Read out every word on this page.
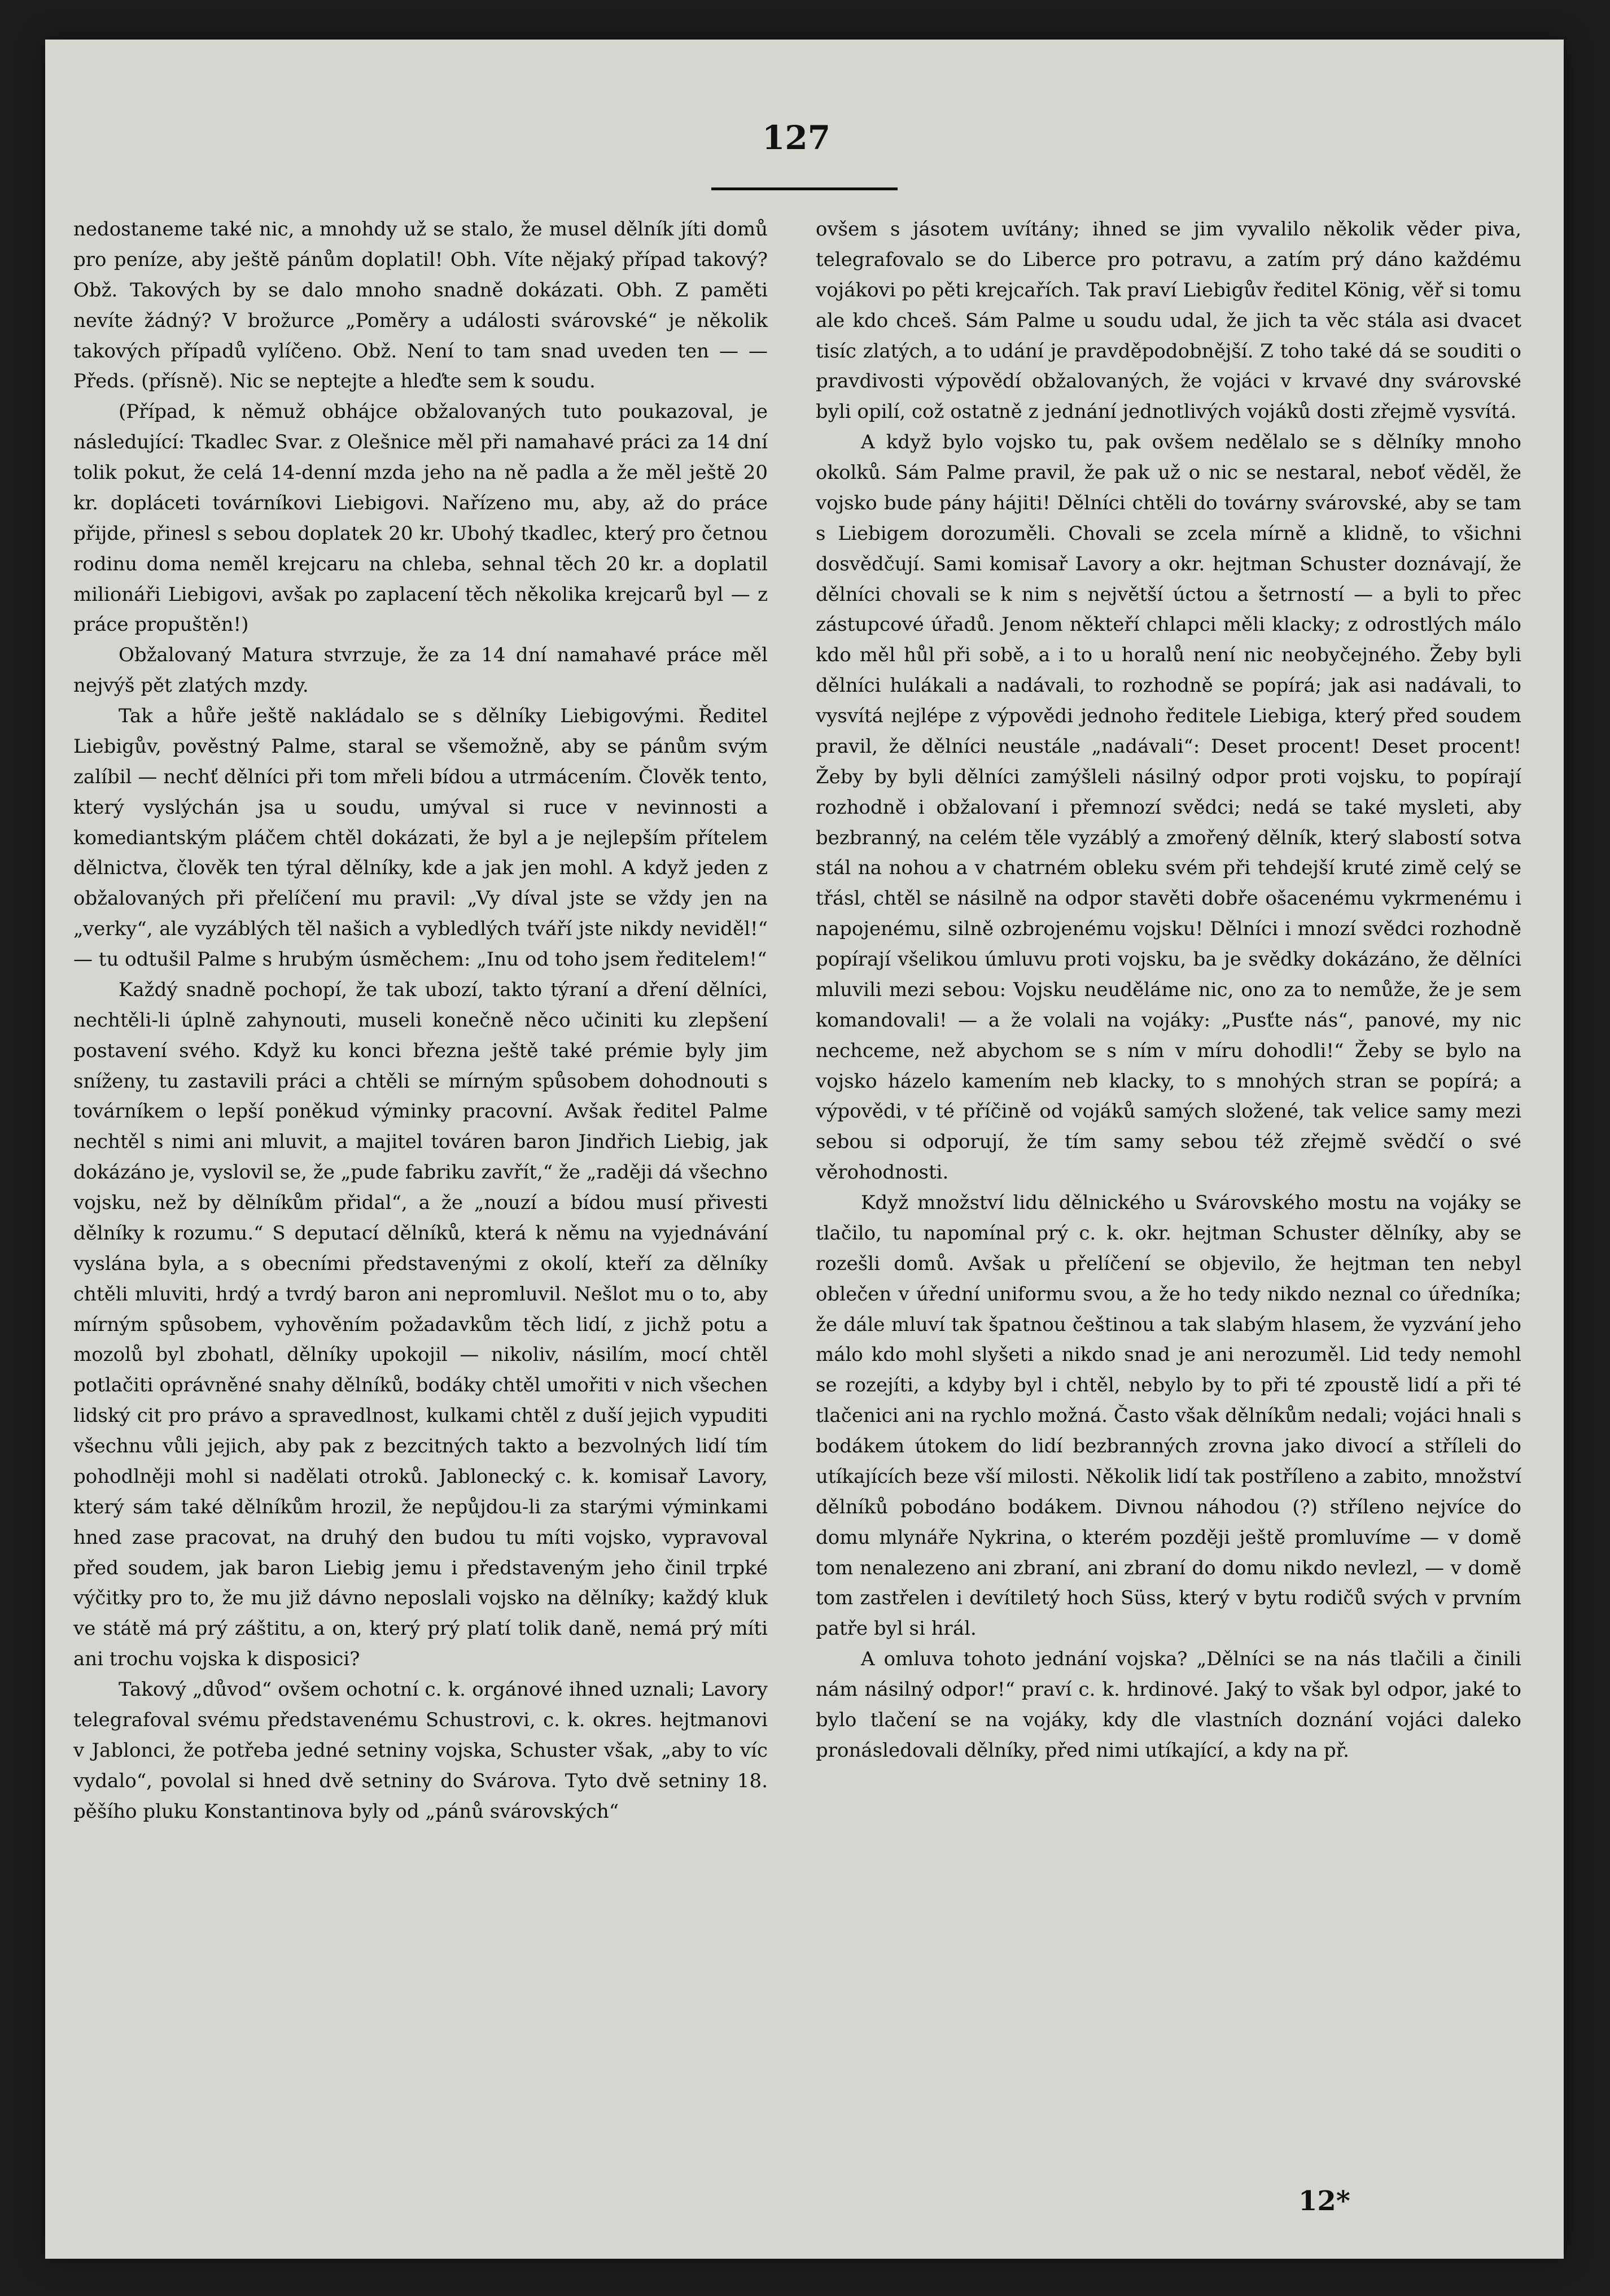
127

nedostaneme také nic, a mnohdy už se stalo, že musel dělník jíti domů pro peníze, aby ještě pánům doplatil! Obh. Víte nějaký případ takový? Obž. Takových by se dalo mnoho snadně dokázati. Obh. Z paměti nevíte žádný? V brožurce „Poměry a události svárovské“ je několik takových případů vylíčeno. Obž. Není to tam snad uveden ten — — Předs. (přísně). Nic se neptejte a hleďte sem k soudu.

(Případ, k němuž obhájce obžalovaných tuto poukazoval, je následující: Tkadlec Svar. z Olešnice měl při namahavé práci za 14 dní tolik pokut, že celá 14-denní mzda jeho na ně padla a že měl ještě 20 kr. dopláceti továrníkovi Liebigovi. Nařízeno mu, aby, až do práce přijde, přinesl s sebou doplatek 20 kr. Ubohý tkadlec, který pro četnou rodinu doma neměl krejcaru na chleba, sehnal těch 20 kr. a doplatil milionáři Liebigovi, avšak po zaplacení těch několika krejcarů byl — z práce propuštěn!)

Obžalovaný Matura stvrzuje, že za 14 dní namahavé práce měl nejvýš pět zlatých mzdy.

Tak a hůře ještě nakládalo se s dělníky Liebigovými. Ředitel Liebigův, pověstný Palme, staral se všemožně, aby se pánům svým zalíbil — nechť dělníci při tom mřeli bídou a utrmácením. Člověk tento, který vyslýchán jsa u soudu, umýval si ruce v nevinnosti a komediantským pláčem chtěl dokázati, že byl a je nejlepším přítelem dělnictva, člověk ten týral dělníky, kde a jak jen mohl. A když jeden z obžalovaných při přelíčení mu pravil: „Vy díval jste se vždy jen na „verky“, ale vyzáblých těl našich a vybledlých tváří jste nikdy neviděl!“ — tu odtušil Palme s hrubým úsměchem: „Inu od toho jsem ředitelem!“

Každý snadně pochopí, že tak ubozí, takto týraní a dření dělníci, nechtěli-li úplně zahynouti, museli konečně něco učiniti ku zlepšení postavení svého. Když ku konci března ještě také prémie byly jim sníženy, tu zastavili práci a chtěli se mírným spůsobem dohodnouti s továrníkem o lepší poněkud výminky pracovní. Avšak ředitel Palme nechtěl s nimi ani mluvit, a majitel továren baron Jindřich Liebig, jak dokázáno je, vyslovil se, že „pude fabriku zavřít,“ že „raději dá všechno vojsku, než by dělníkům přidal“, a že „nouzí a bídou musí přivesti dělníky k rozumu.“ S deputací dělníků, která k němu na vyjednávání vyslána byla, a s obecními představenými z okolí, kteří za dělníky chtěli mluviti, hrdý a tvrdý baron ani nepromluvil. Nešlot mu o to, aby mírným spůsobem, vyhověním požadavkům těch lidí, z jichž potu a mozolů byl zbohatl, dělníky upokojil — nikoliv, násilím, mocí chtěl potlačiti oprávněné snahy dělníků, bodáky chtěl umořiti v nich všechen lidský cit pro právo a spravedlnost, kulkami chtěl z duší jejich vypuditi všechnu vůli jejich, aby pak z bezcitných takto a bezvolných lidí tím pohodlněji mohl si nadělati otroků. Jablonecký c. k. komisař Lavory, který sám také dělníkům hrozil, že nepůjdou-li za starými výminkami hned zase pracovat, na druhý den budou tu míti vojsko, vypravoval před soudem, jak baron Liebig jemu i představeným jeho činil trpké výčitky pro to, že mu již dávno neposlali vojsko na dělníky; každý kluk ve státě má prý záštitu, a on, který prý platí tolik daně, nemá prý míti ani trochu vojska k disposici?

Takový „důvod“ ovšem ochotní c. k. orgánové ihned uznali; Lavory telegrafoval svému představenému Schustrovi, c. k. okres. hejtmanovi v Jablonci, že potřeba jedné setniny vojska, Schuster však, „aby to víc vydalo“, povolal si hned dvě setniny do Svárova. Tyto dvě setniny 18. pěšího pluku Konstantinova byly od „pánů svárovských“

ovšem s jásotem uvítány; ihned se jim vyvalilo několik věder piva, telegrafovalo se do Liberce pro potravu, a zatím prý dáno každému vojákovi po pěti krejcařích. Tak praví Liebigův ředitel König, věř si tomu ale kdo chceš. Sám Palme u soudu udal, že jich ta věc stála asi dvacet tisíc zlatých, a to udání je pravděpodobnější. Z toho také dá se souditi o pravdivosti výpovědí obžalovaných, že vojáci v krvavé dny svárovské byli opilí, což ostatně z jednání jednotlivých vojáků dosti zřejmě vysvítá.

A když bylo vojsko tu, pak ovšem nedělalo se s dělníky mnoho okolků. Sám Palme pravil, že pak už o nic se nestaral, neboť věděl, že vojsko bude pány hájiti! Dělníci chtěli do továrny svárovské, aby se tam s Liebigem dorozuměli. Chovali se zcela mírně a klidně, to všichni dosvědčují. Sami komisař Lavory a okr. hejtman Schuster doznávají, že dělníci chovali se k nim s největší úctou a šetrností — a byli to přec zástupcové úřadů. Jenom někteří chlapci měli klacky; z odrostlých málo kdo měl hůl při sobě, a i to u horalů není nic neobyčejného. Žeby byli dělníci hulákali a nadávali, to rozhodně se popírá; jak asi nadávali, to vysvítá nejlépe z výpovědi jednoho ředitele Liebiga, který před soudem pravil, že dělníci neustále „nadávali“: Deset procent! Deset procent! Žeby by byli dělníci zamýšleli násilný odpor proti vojsku, to popírají rozhodně i obžalovaní i přemnozí svědci; nedá se také mysleti, aby bezbranný, na celém těle vyzáblý a zmořený dělník, který slabostí sotva stál na nohou a v chatrném obleku svém při tehdejší kruté zimě celý se třásl, chtěl se násilně na odpor stavěti dobře ošacenému vykrmenému i napojenému, silně ozbrojenému vojsku! Dělníci i mnozí svědci rozhodně popírají všelikou úmluvu proti vojsku, ba je svědky dokázáno, že dělníci mluvili mezi sebou: Vojsku neuděláme nic, ono za to nemůže, že je sem komandovali! — a že volali na vojáky: „Pusťte nás“, panové, my nic nechceme, než abychom se s ním v míru dohodli!“ Žeby se bylo na vojsko házelo kamením neb klacky, to s mnohých stran se popírá; a výpovědi, v té příčině od vojáků samých složené, tak velice samy mezi sebou si odporují, že tím samy sebou též zřejmě svědčí o své věrohodnosti.

Když množství lidu dělnického u Svárovského mostu na vojáky se tlačilo, tu napomínal prý c. k. okr. hejtman Schuster dělníky, aby se rozešli domů. Avšak u přelíčení se objevilo, že hejtman ten nebyl oblečen v úřední uniformu svou, a že ho tedy nikdo neznal co úředníka; že dále mluví tak špatnou češtinou a tak slabým hlasem, že vyzvání jeho málo kdo mohl slyšeti a nikdo snad je ani nerozuměl. Lid tedy nemohl se rozejíti, a kdyby byl i chtěl, nebylo by to při té zpoustě lidí a při té tlačenici ani na rychlo možná. Často však dělníkům nedali; vojáci hnali s bodákem útokem do lidí bezbranných zrovna jako divocí a stříleli do utíkajících beze vší milosti. Několik lidí tak postříleno a zabito, množství dělníků pobodáno bodákem. Divnou náhodou (?) stříleno nejvíce do domu mlynáře Nykrina, o kterém později ještě promluvíme — v domě tom nenalezeno ani zbraní, ani zbraní do domu nikdo nevlezl, — v domě tom zastřelen i devítiletý hoch Süss, který v bytu rodičů svých v prvním patře byl si hrál.

A omluva tohoto jednání vojska? „Dělníci se na nás tlačili a činili nám násilný odpor!“ praví c. k. hrdinové. Jaký to však byl odpor, jaké to bylo tlačení se na vojáky, kdy dle vlastních doznání vojáci daleko pronásledovali dělníky, před nimi utíkající, a kdy na př.

12*
